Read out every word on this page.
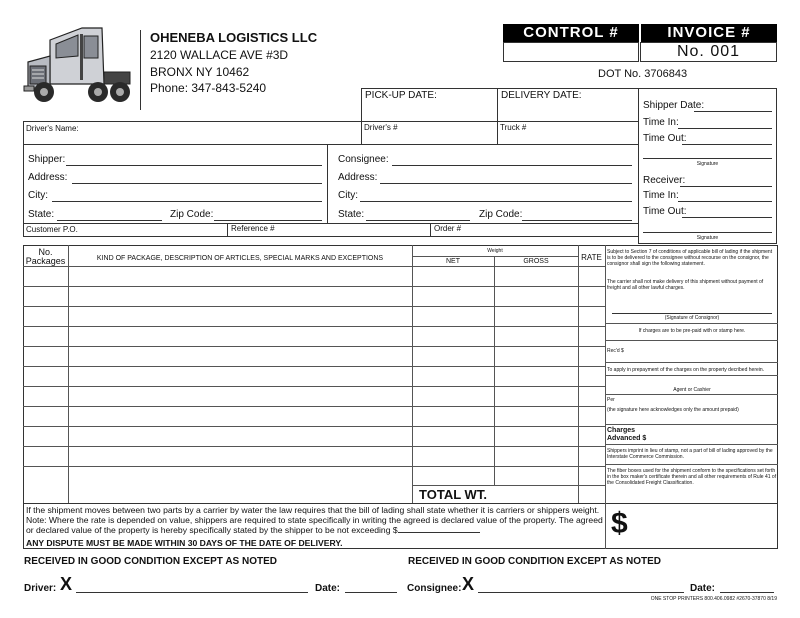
OHENEBA LOGISTICS LLC
2120 WALLACE AVE #3D
BRONX NY 10462
Phone: 347-843-5240
CONTROL #	INVOICE #
No. 001
DOT No. 3706843
PICK-UP DATE:	DELIVERY DATE:
Shipper Date:
Time In:
Time Out:
Signature
Receiver:
Time In:
Time Out:
Signature
Driver's Name:	Driver's #	Truck #
Shipper:
Address:
City:
State:	Zip Code:
Consignee:
Address:
City:
State:	Zip Code:
Customer P.O.	Reference #	Order #
No.
Packages	KIND OF PACKAGE, DESCRIPTION OF ARTICLES, SPECIAL MARKS AND EXCEPTIONS
Weight
NET	GROSS	RATE
TOTAL WT.
Subject to Section 7 of conditions of applicable bill of lading if the shipment is to be delivered to the consignee without recourse on the consignor, the consignor shall sign the following statement.
The carrier shall not make delivery of this shipment without payment of freight and all other lawful charges.
(Signature of Consignor)
If charges are to be pre-paid with or stamp here.
Rec'd $
To apply in prepayment of the charges on the property decribed herein.
Agent or Cashier
Per
(the signature here acknowledges only the amount prepaid)
Charges
Advanced $
Shippers imprint in lieu of stamp, not a part of bill of lading approved by the Interstate Commerce Commission.
The fiber boxes used for the shipment conform to the specifications set forth in the box maker's certificate therein and all other requirements of Rule 41 of the Consolidated Freight Classification.
If the shipment moves between two parts by a carrier by water the law requires that the bill of lading shall state whether it is carriers or shippers weight. Note: Where the rate is depended on value, shippers are required to state specifically in writing the agreed is declared value of the property. The agreed or declared value of the property is hereby specifically stated by the shipper to be not exceeding $
ANY DISPUTE MUST BE MADE WITHIN 30 DAYS OF THE DATE OF DELIVERY.
$
RECEIVED IN GOOD CONDITION EXCEPT AS NOTED	RECEIVED IN GOOD CONDITION EXCEPT AS NOTED
Driver: X	Date:	Consignee: X	Date:
ONE STOP PRINTERS 800.406.0982 #2670-37870 8/19
